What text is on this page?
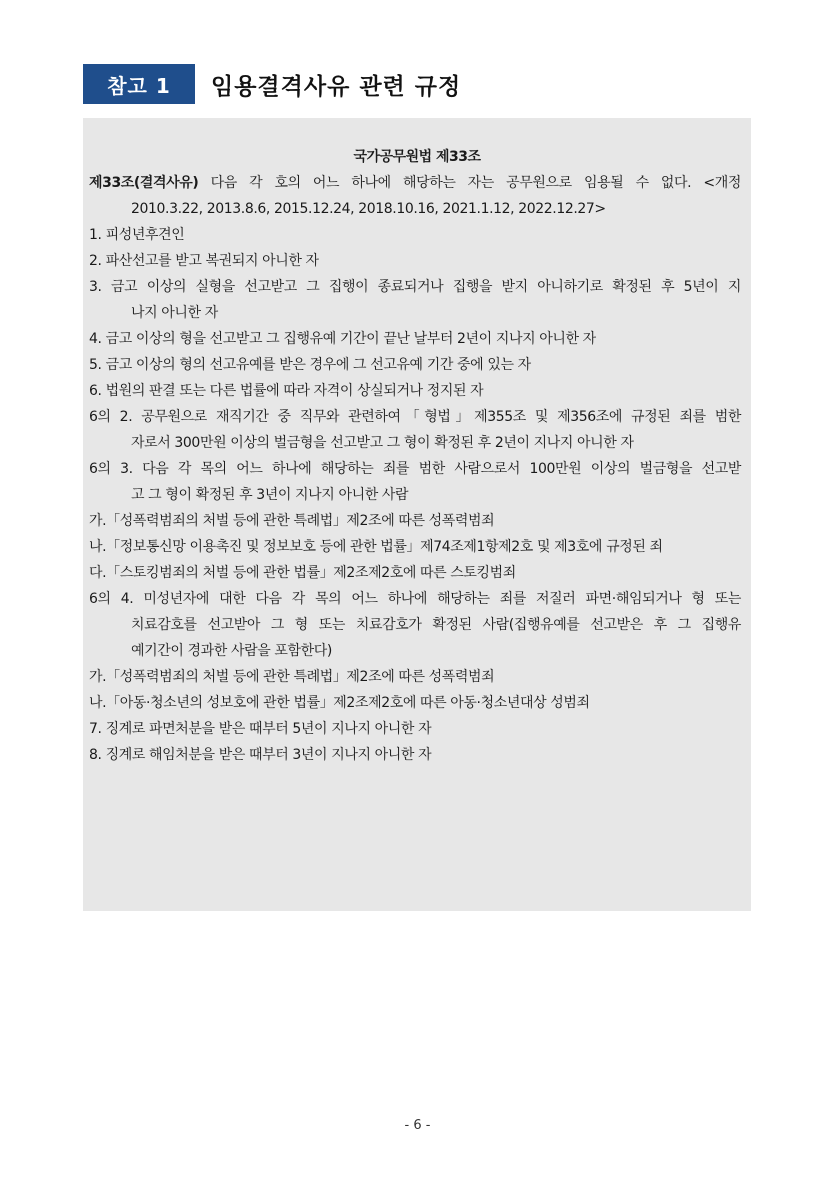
참고 1	임용결격사유 관련 규정
국가공무원법 제33조
제33조(결격사유) 다음 각 호의 어느 하나에 해당하는 자는 공무원으로 임용될 수 없다. <개정
2010.3.22, 2013.8.6, 2015.12.24, 2018.10.16, 2021.1.12, 2022.12.27>
1. 피성년후견인
2. 파산선고를 받고 복권되지 아니한 자
3. 금고 이상의 실형을 선고받고 그 집행이 종료되거나 집행을 받지 아니하기로 확정된 후 5년이 지
나지 아니한 자
4. 금고 이상의 형을 선고받고 그 집행유예 기간이 끝난 날부터 2년이 지나지 아니한 자
5. 금고 이상의 형의 선고유예를 받은 경우에 그 선고유예 기간 중에 있는 자
6. 법원의 판결 또는 다른 법률에 따라 자격이 상실되거나 정지된 자
6의 2. 공무원으로 재직기간 중 직무와 관련하여「형법」제355조 및 제356조에 규정된 죄를 범한
자로서 300만원 이상의 벌금형을 선고받고 그 형이 확정된 후 2년이 지나지 아니한 자
6의 3. 다음 각 목의 어느 하나에 해당하는 죄를 범한 사람으로서 100만원 이상의 벌금형을 선고받
고 그 형이 확정된 후 3년이 지나지 아니한 사람
가.「성폭력범죄의 처벌 등에 관한 특례법」제2조에 따른 성폭력범죄
나.「정보통신망 이용촉진 및 정보보호 등에 관한 법률」제74조제1항제2호 및 제3호에 규정된 죄
다.「스토킹범죄의 처벌 등에 관한 법률」제2조제2호에 따른 스토킹범죄
6의 4. 미성년자에 대한 다음 각 목의 어느 하나에 해당하는 죄를 저질러 파면·해임되거나 형 또는
치료감호를 선고받아 그 형 또는 치료감호가 확정된 사람(집행유예를 선고받은 후 그 집행유
예기간이 경과한 사람을 포함한다)
가.「성폭력범죄의 처벌 등에 관한 특례법」제2조에 따른 성폭력범죄
나.「아동·청소년의 성보호에 관한 법률」제2조제2호에 따른 아동·청소년대상 성범죄
7. 징계로 파면처분을 받은 때부터 5년이 지나지 아니한 자
8. 징계로 해임처분을 받은 때부터 3년이 지나지 아니한 자
- 6 -
